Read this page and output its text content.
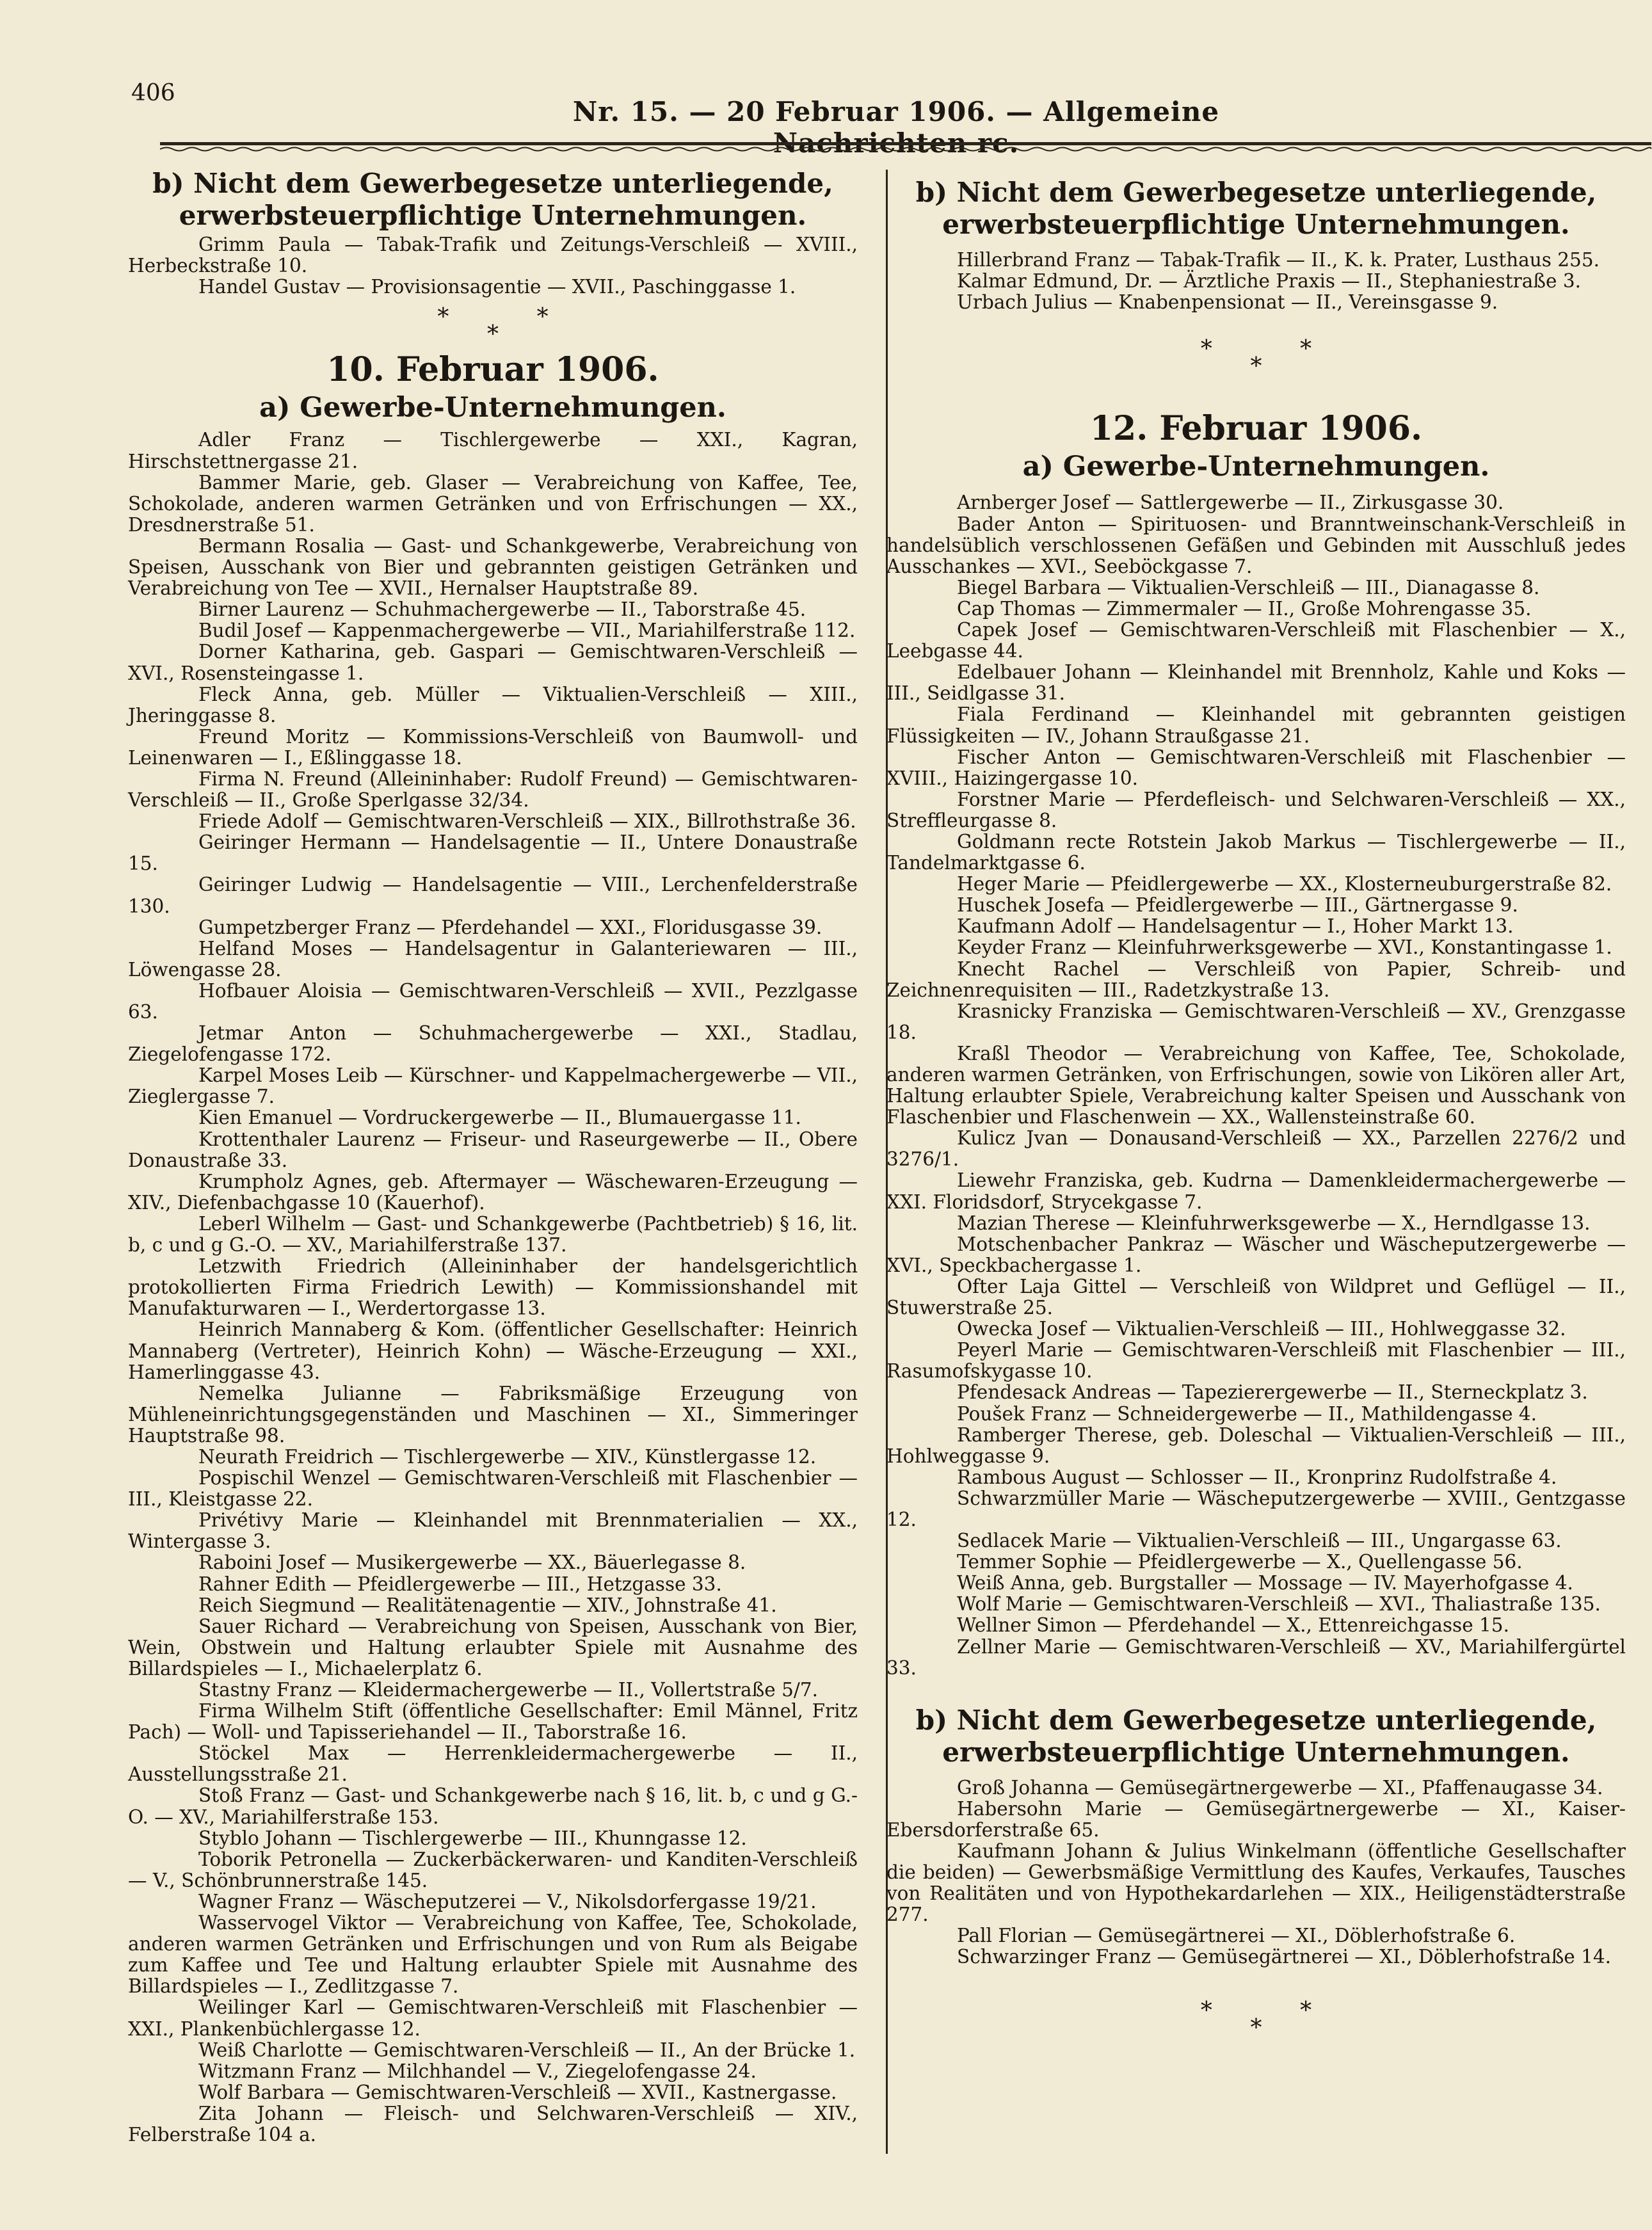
406
Nr. 15. — 20 Februar 1906. — Allgemeine Nachrichten rc.
b) Nicht dem Gewerbegesetze unterliegende, erwerbsteuerpflichtige Unternehmungen.
Grimm Paula — Tabak-Trafik und Zeitungs-Verschleiß — XVIII., Herbeckstraße 10.
Handel Gustav — Provisionsagentie — XVII., Paschinggasse 1.
*	*
*
10. Februar 1906.
a) Gewerbe-Unternehmungen.
Adler Franz — Tischlergewerbe — XXI., Kagran, Hirschstettnergasse 21.
Bammer Marie, geb. Glaser — Verabreichung von Kaffee, Tee, Schokolade, anderen warmen Getränken und von Erfrischungen — XX., Dresdnerstraße 51.
Bermann Rosalia — Gast- und Schankgewerbe, Verabreichung von Speisen, Ausschank von Bier und gebrannten geistigen Getränken und Verabreichung von Tee — XVII., Hernalser Hauptstraße 89.
Birner Laurenz — Schuhmachergewerbe — II., Taborstraße 45.
Budil Josef — Kappenmachergewerbe — VII., Mariahilferstraße 112.
Dorner Katharina, geb. Gaspari — Gemischtwaren-Verschleiß — XVI., Rosensteingasse 1.
Fleck Anna, geb. Müller — Viktualien-Verschleiß — XIII., Jheringgasse 8.
Freund Moritz — Kommissions-Verschleiß von Baumwoll- und Leinenwaren — I., Eßlinggasse 18.
Firma N. Freund (Alleininhaber: Rudolf Freund) — Gemischtwaren-Verschleiß — II., Große Sperlgasse 32/34.
Friede Adolf — Gemischtwaren-Verschleiß — XIX., Billrothstraße 36.
Geiringer Hermann — Handelsagentie — II., Untere Donaustraße 15.
Geiringer Ludwig — Handelsagentie — VIII., Lerchenfelderstraße 130.
Gumpetzberger Franz — Pferdehandel — XXI., Floridusgasse 39.
Helfand Moses — Handelsagentur in Galanteriewaren — III., Löwengasse 28.
Hofbauer Aloisia — Gemischtwaren-Verschleiß — XVII., Pezzlgasse 63.
Jetmar Anton — Schuhmachergewerbe — XXI., Stadlau, Ziegelofengasse 172.
Karpel Moses Leib — Kürschner- und Kappelmachergewerbe — VII., Zieglergasse 7.
Kien Emanuel — Vordruckergewerbe — II., Blumauergasse 11.
Krottenthaler Laurenz — Friseur- und Raseurgewerbe — II., Obere Donaustraße 33.
Krumpholz Agnes, geb. Aftermayer — Wäschewaren-Erzeugung — XIV., Diefenbachgasse 10 (Kauerhof).
Leberl Wilhelm — Gast- und Schankgewerbe (Pachtbetrieb) § 16, lit. b, c und g G.-O. — XV., Mariahilferstraße 137.
Letzwith Friedrich (Alleininhaber der handelsgerichtlich protokollierten Firma Friedrich Lewith) — Kommissionshandel mit Manufakturwaren — I., Werdertorgasse 13.
Heinrich Mannaberg & Kom. (öffentlicher Gesellschafter: Heinrich Mannaberg (Vertreter), Heinrich Kohn) — Wäsche-Erzeugung — XXI., Hamerlinggasse 43.
Nemelka Julianne — Fabriksmäßige Erzeugung von Mühleneinrichtungsgegenständen und Maschinen — XI., Simmeringer Hauptstraße 98.
Neurath Freidrich — Tischlergewerbe — XIV., Künstlergasse 12.
Pospischil Wenzel — Gemischtwaren-Verschleiß mit Flaschenbier — III., Kleistgasse 22.
Privétivy Marie — Kleinhandel mit Brennmaterialien — XX., Wintergasse 3.
Raboini Josef — Musikergewerbe — XX., Bäuerlegasse 8.
Rahner Edith — Pfeidlergewerbe — III., Hetzgasse 33.
Reich Siegmund — Realitätenagentie — XIV., Johnstraße 41.
Sauer Richard — Verabreichung von Speisen, Ausschank von Bier, Wein, Obstwein und Haltung erlaubter Spiele mit Ausnahme des Billardspieles — I., Michaelerplatz 6.
Stastny Franz — Kleidermachergewerbe — II., Vollertstraße 5/7.
Firma Wilhelm Stift (öffentliche Gesellschafter: Emil Männel, Fritz Pach) — Woll- und Tapisseriehandel — II., Taborstraße 16.
Stöckel Max — Herrenkleidermachergewerbe — II., Ausstellungsstraße 21.
Stoß Franz — Gast- und Schankgewerbe nach § 16, lit. b, c und g G.-O. — XV., Mariahilferstraße 153.
Styblo Johann — Tischlergewerbe — III., Khunngasse 12.
Toborik Petronella — Zuckerbäckerwaren- und Kanditen-Verschleiß — V., Schönbrunnerstraße 145.
Wagner Franz — Wäscheputzerei — V., Nikolsdorfergasse 19/21.
Wasservogel Viktor — Verabreichung von Kaffee, Tee, Schokolade, anderen warmen Getränken und Erfrischungen und von Rum als Beigabe zum Kaffee und Tee und Haltung erlaubter Spiele mit Ausnahme des Billardspieles — I., Zedlitzgasse 7.
Weilinger Karl — Gemischtwaren-Verschleiß mit Flaschenbier — XXI., Plankenbüchlergasse 12.
Weiß Charlotte — Gemischtwaren-Verschleiß — II., An der Brücke 1.
Witzmann Franz — Milchhandel — V., Ziegelofengasse 24.
Wolf Barbara — Gemischtwaren-Verschleiß — XVII., Kastnergasse.
Zita Johann — Fleisch- und Selchwaren-Verschleiß — XIV., Felberstraße 104 a.
b) Nicht dem Gewerbegesetze unterliegende, erwerbsteuerpflichtige Unternehmungen.
Hillerbrand Franz — Tabak-Trafik — II., K. k. Prater, Lusthaus 255.
Kalmar Edmund, Dr. — Ärztliche Praxis — II., Stephaniestraße 3.
Urbach Julius — Knabenpensionat — II., Vereinsgasse 9.
*	*
*
12. Februar 1906.
a) Gewerbe-Unternehmungen.
Arnberger Josef — Sattlergewerbe — II., Zirkusgasse 30.
Bader Anton — Spirituosen- und Branntweinschank-Verschleiß in handelsüblich verschlossenen Gefäßen und Gebinden mit Ausschluß jedes Ausschankes — XVI., Seeböckgasse 7.
Biegel Barbara — Viktualien-Verschleiß — III., Dianagasse 8.
Cap Thomas — Zimmermaler — II., Große Mohrengasse 35.
Capek Josef — Gemischtwaren-Verschleiß mit Flaschenbier — X., Leebgasse 44.
Edelbauer Johann — Kleinhandel mit Brennholz, Kahle und Koks — III., Seidlgasse 31.
Fiala Ferdinand — Kleinhandel mit gebrannten geistigen Flüssigkeiten — IV., Johann Straußgasse 21.
Fischer Anton — Gemischtwaren-Verschleiß mit Flaschenbier — XVIII., Haizingergasse 10.
Forstner Marie — Pferdefleisch- und Selchwaren-Verschleiß — XX., Streffleurgasse 8.
Goldmann recte Rotstein Jakob Markus — Tischlergewerbe — II., Tandelmarktgasse 6.
Heger Marie — Pfeidlergewerbe — XX., Klosterneuburgerstraße 82.
Huschek Josefa — Pfeidlergewerbe — III., Gärtnergasse 9.
Kaufmann Adolf — Handelsagentur — I., Hoher Markt 13.
Keyder Franz — Kleinfuhrwerksgewerbe — XVI., Konstantingasse 1.
Knecht Rachel — Verschleiß von Papier, Schreib- und Zeichnenrequisiten — III., Radetzkystraße 13.
Krasnicky Franziska — Gemischtwaren-Verschleiß — XV., Grenzgasse 18.
Kraßl Theodor — Verabreichung von Kaffee, Tee, Schokolade, anderen warmen Getränken, von Erfrischungen, sowie von Likören aller Art, Haltung erlaubter Spiele, Verabreichung kalter Speisen und Ausschank von Flaschenbier und Flaschenwein — XX., Wallensteinstraße 60.
Kulicz Jvan — Donausand-Verschleiß — XX., Parzellen 2276/2 und 3276/1.
Liewehr Franziska, geb. Kudrna — Damenkleidermachergewerbe — XXI. Floridsdorf, Strycekgasse 7.
Mazian Therese — Kleinfuhrwerksgewerbe — X., Herndlgasse 13.
Motschenbacher Pankraz — Wäscher und Wäscheputzergewerbe — XVI., Speckbachergasse 1.
Ofter Laja Gittel — Verschleiß von Wildpret und Geflügel — II., Stuwerstraße 25.
Owecka Josef — Viktualien-Verschleiß — III., Hohlweggasse 32.
Peyerl Marie — Gemischtwaren-Verschleiß mit Flaschenbier — III., Rasumofskygasse 10.
Pfendesack Andreas — Tapezierergewerbe — II., Sterneckplatz 3.
Poušek Franz — Schneidergewerbe — II., Mathildengasse 4.
Ramberger Therese, geb. Doleschal — Viktualien-Verschleiß — III., Hohlweggasse 9.
Rambous August — Schlosser — II., Kronprinz Rudolfstraße 4.
Schwarzmüller Marie — Wäscheputzergewerbe — XVIII., Gentzgasse 12.
Sedlacek Marie — Viktualien-Verschleiß — III., Ungargasse 63.
Temmer Sophie — Pfeidlergewerbe — X., Quellengasse 56.
Weiß Anna, geb. Burgstaller — Mossage — IV. Mayerhofgasse 4.
Wolf Marie — Gemischtwaren-Verschleiß — XVI., Thaliastraße 135.
Wellner Simon — Pferdehandel — X., Ettenreichgasse 15.
Zellner Marie — Gemischtwaren-Verschleiß — XV., Mariahilfergürtel 33.
b) Nicht dem Gewerbegesetze unterliegende, erwerbsteuerpflichtige Unternehmungen.
Groß Johanna — Gemüsegärtnergewerbe — XI., Pfaffenaugasse 34.
Habersohn Marie — Gemüsegärtnergewerbe — XI., Kaiser-Ebersdorferstraße 65.
Kaufmann Johann & Julius Winkelmann (öffentliche Gesellschafter die beiden) — Gewerbsmäßige Vermittlung des Kaufes, Verkaufes, Tausches von Realitäten und von Hypothekardarlehen — XIX., Heiligenstädterstraße 277.
Pall Florian — Gemüsegärtnerei — XI., Döblerhofstraße 6.
Schwarzinger Franz — Gemüsegärtnerei — XI., Döblerhofstraße 14.
*	*
*
